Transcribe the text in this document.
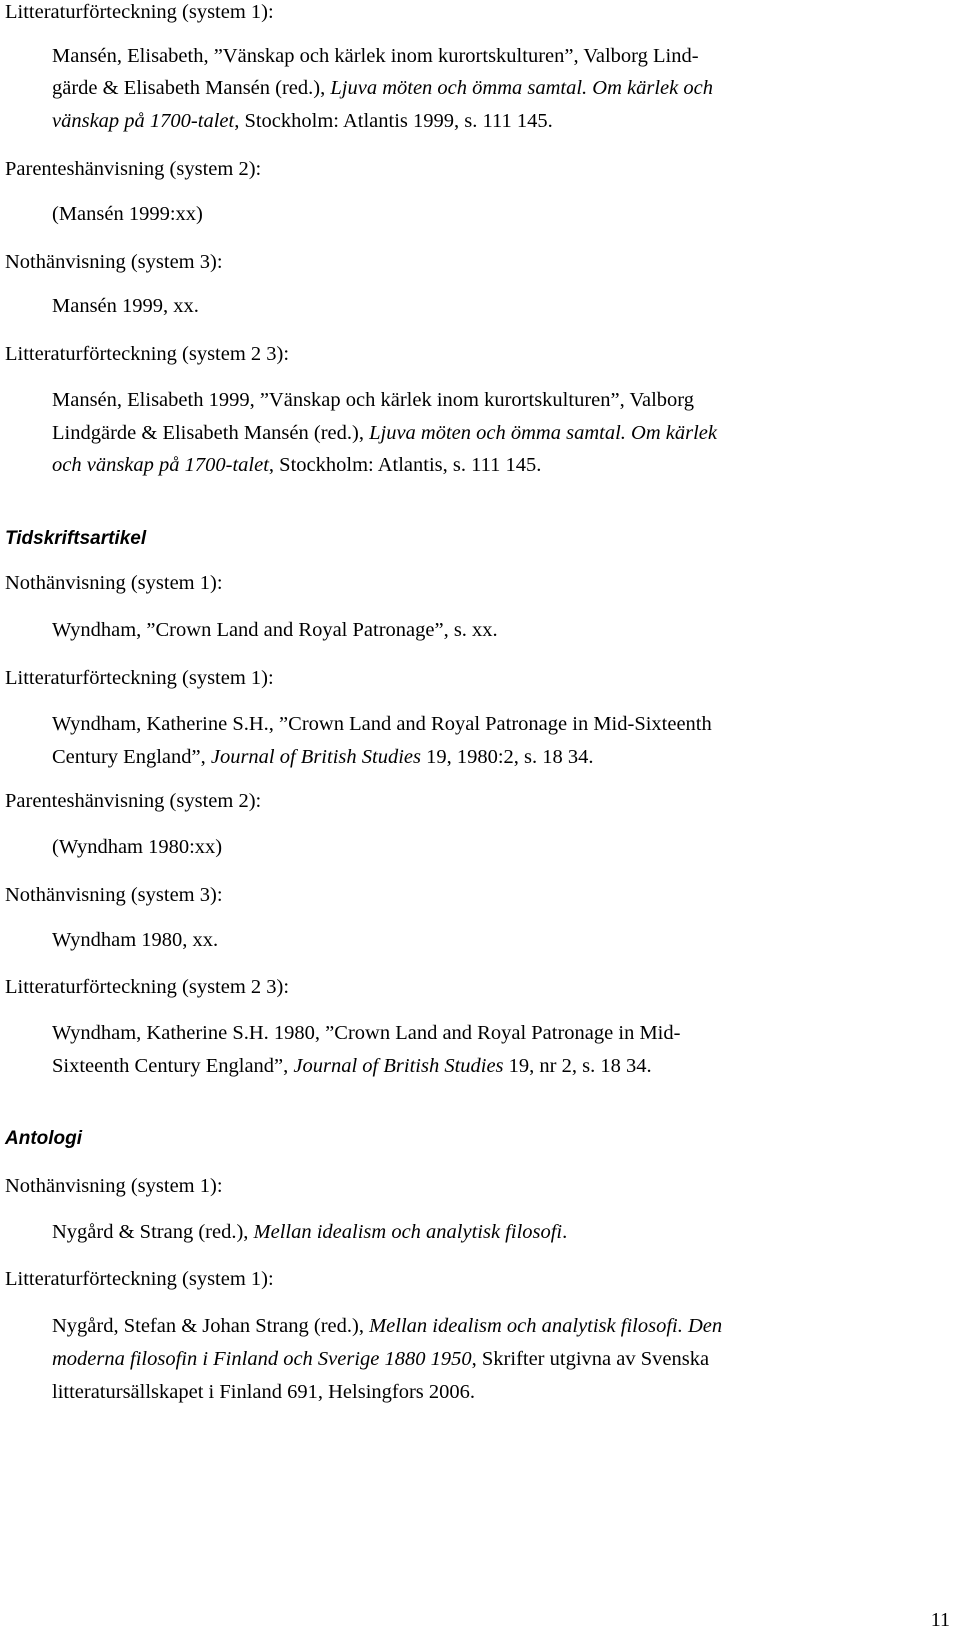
Litteraturförteckning (system 1):
Mansén, Elisabeth, ”Vänskap och kärlek inom kurortskulturen”, Valborg Lind-
gärde & Elisabeth Mansén (red.), Ljuva möten och ömma samtal. Om kärlek och
vänskap på 1700-talet, Stockholm: Atlantis 1999, s. 111 145.
Parenteshänvisning (system 2):
(Mansén 1999:xx)
Nothänvisning (system 3):
Mansén 1999, xx.
Litteraturförteckning (system 2 3):
Mansén, Elisabeth 1999, ”Vänskap och kärlek inom kurortskulturen”, Valborg
Lindgärde & Elisabeth Mansén (red.), Ljuva möten och ömma samtal. Om kärlek
och vänskap på 1700-talet, Stockholm: Atlantis, s. 111 145.
Tidskriftsartikel
Nothänvisning (system 1):
Wyndham, ”Crown Land and Royal Patronage”, s. xx.
Litteraturförteckning (system 1):
Wyndham, Katherine S.H., ”Crown Land and Royal Patronage in Mid-Sixteenth
Century England”, Journal of British Studies 19, 1980:2, s. 18 34.
Parenteshänvisning (system 2):
(Wyndham 1980:xx)
Nothänvisning (system 3):
Wyndham 1980, xx.
Litteraturförteckning (system 2 3):
Wyndham, Katherine S.H. 1980, ”Crown Land and Royal Patronage in Mid-
Sixteenth Century England”, Journal of British Studies 19, nr 2, s. 18 34.
Antologi
Nothänvisning (system 1):
Nygård & Strang (red.), Mellan idealism och analytisk filosofi.
Litteraturförteckning (system 1):
Nygård, Stefan & Johan Strang (red.), Mellan idealism och analytisk filosofi. Den
moderna filosofin i Finland och Sverige 1880 1950, Skrifter utgivna av Svenska
litteratursällskapet i Finland 691, Helsingfors 2006.
11
